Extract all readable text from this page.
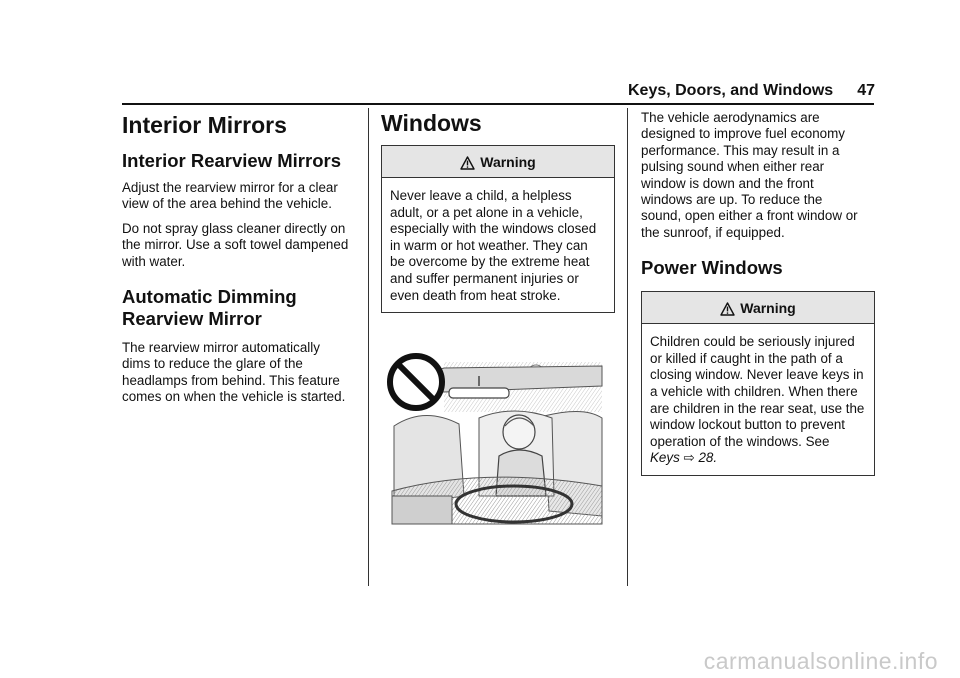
Keys, Doors, and Windows 47
Interior Mirrors
Interior Rearview Mirrors

Adjust the rearview mirror for a clear view of the area behind the vehicle.

Do not spray glass cleaner directly on the mirror. Use a soft towel dampened with water.

Automatic Dimming Rearview Mirror

The rearview mirror automatically dims to reduce the glare of the headlamps from behind. This feature comes on when the vehicle is started.

Windows
Warning
Never leave a child, a helpless adult, or a pet alone in a vehicle, especially with the windows closed in warm or hot weather. They can be overcome by the extreme heat and suffer permanent injuries or even death from heat stroke.

The vehicle aerodynamics are designed to improve fuel economy performance. This may result in a pulsing sound when either rear window is down and the front windows are up. To reduce the sound, open either a front window or the sunroof, if equipped.

Power Windows
Warning
Children could be seriously injured or killed if caught in the path of a closing window. Never leave keys in a vehicle with children. When there are children in the rear seat, use the window lockout button to prevent operation of the windows. See
Keys ⇨ 28.
carmanualsonline.info
